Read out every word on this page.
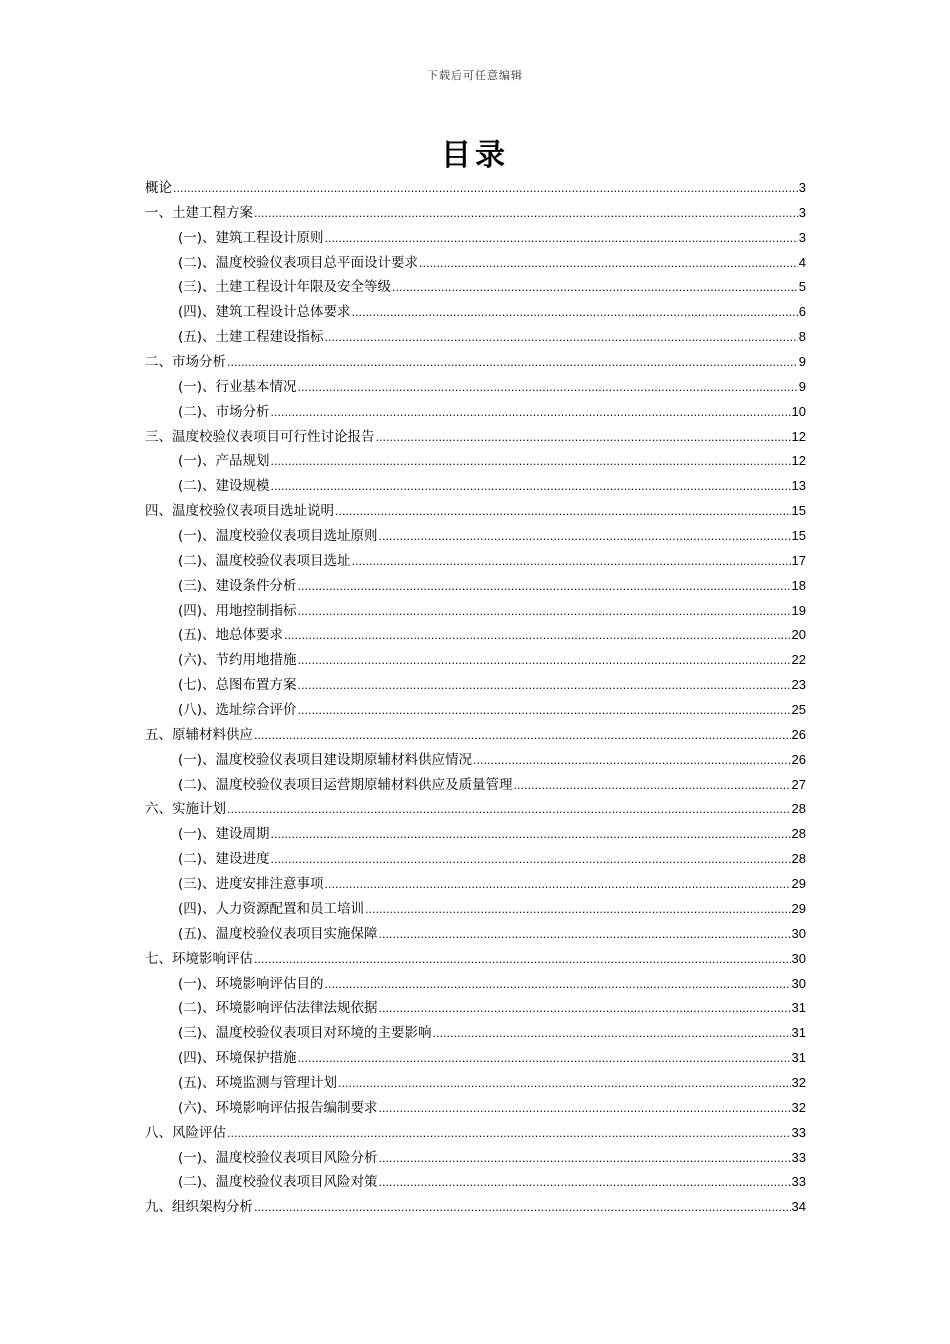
下载后可任意编辑
目录
概论 .....	3
一、土建工程方案 .....	3
(一)、建筑工程设计原则 .....	3
(二)、温度校验仪表项目总平面设计要求 .....	4
(三)、土建工程设计年限及安全等级 .....	5
(四)、建筑工程设计总体要求 .....	6
(五)、土建工程建设指标 .....	8
二、市场分析 .....	9
(一)、行业基本情况 .....	9
(二)、市场分析 .....	10
三、温度校验仪表项目可行性讨论报告 .....	12
(一)、产品规划 .....	12
(二)、建设规模 .....	13
四、温度校验仪表项目选址说明 .....	15
(一)、温度校验仪表项目选址原则 .....	15
(二)、温度校验仪表项目选址 .....	17
(三)、建设条件分析 .....	18
(四)、用地控制指标 .....	19
(五)、地总体要求 .....	20
(六)、节约用地措施 .....	22
(七)、总图布置方案 .....	23
(八)、选址综合评价 .....	25
五、原辅材料供应 .....	26
(一)、温度校验仪表项目建设期原辅材料供应情况 .....	26
(二)、温度校验仪表项目运营期原辅材料供应及质量管理 .....	27
六、实施计划 .....	28
(一)、建设周期 .....	28
(二)、建设进度 .....	28
(三)、进度安排注意事项 .....	29
(四)、人力资源配置和员工培训 .....	29
(五)、温度校验仪表项目实施保障 .....	30
七、环境影响评估 .....	30
(一)、环境影响评估目的 .....	30
(二)、环境影响评估法律法规依据 .....	31
(三)、温度校验仪表项目对环境的主要影响 .....	31
(四)、环境保护措施 .....	31
(五)、环境监测与管理计划 .....	32
(六)、环境影响评估报告编制要求 .....	32
八、风险评估 .....	33
(一)、温度校验仪表项目风险分析 .....	33
(二)、温度校验仪表项目风险对策 .....	33
九、组织架构分析 .....	34
